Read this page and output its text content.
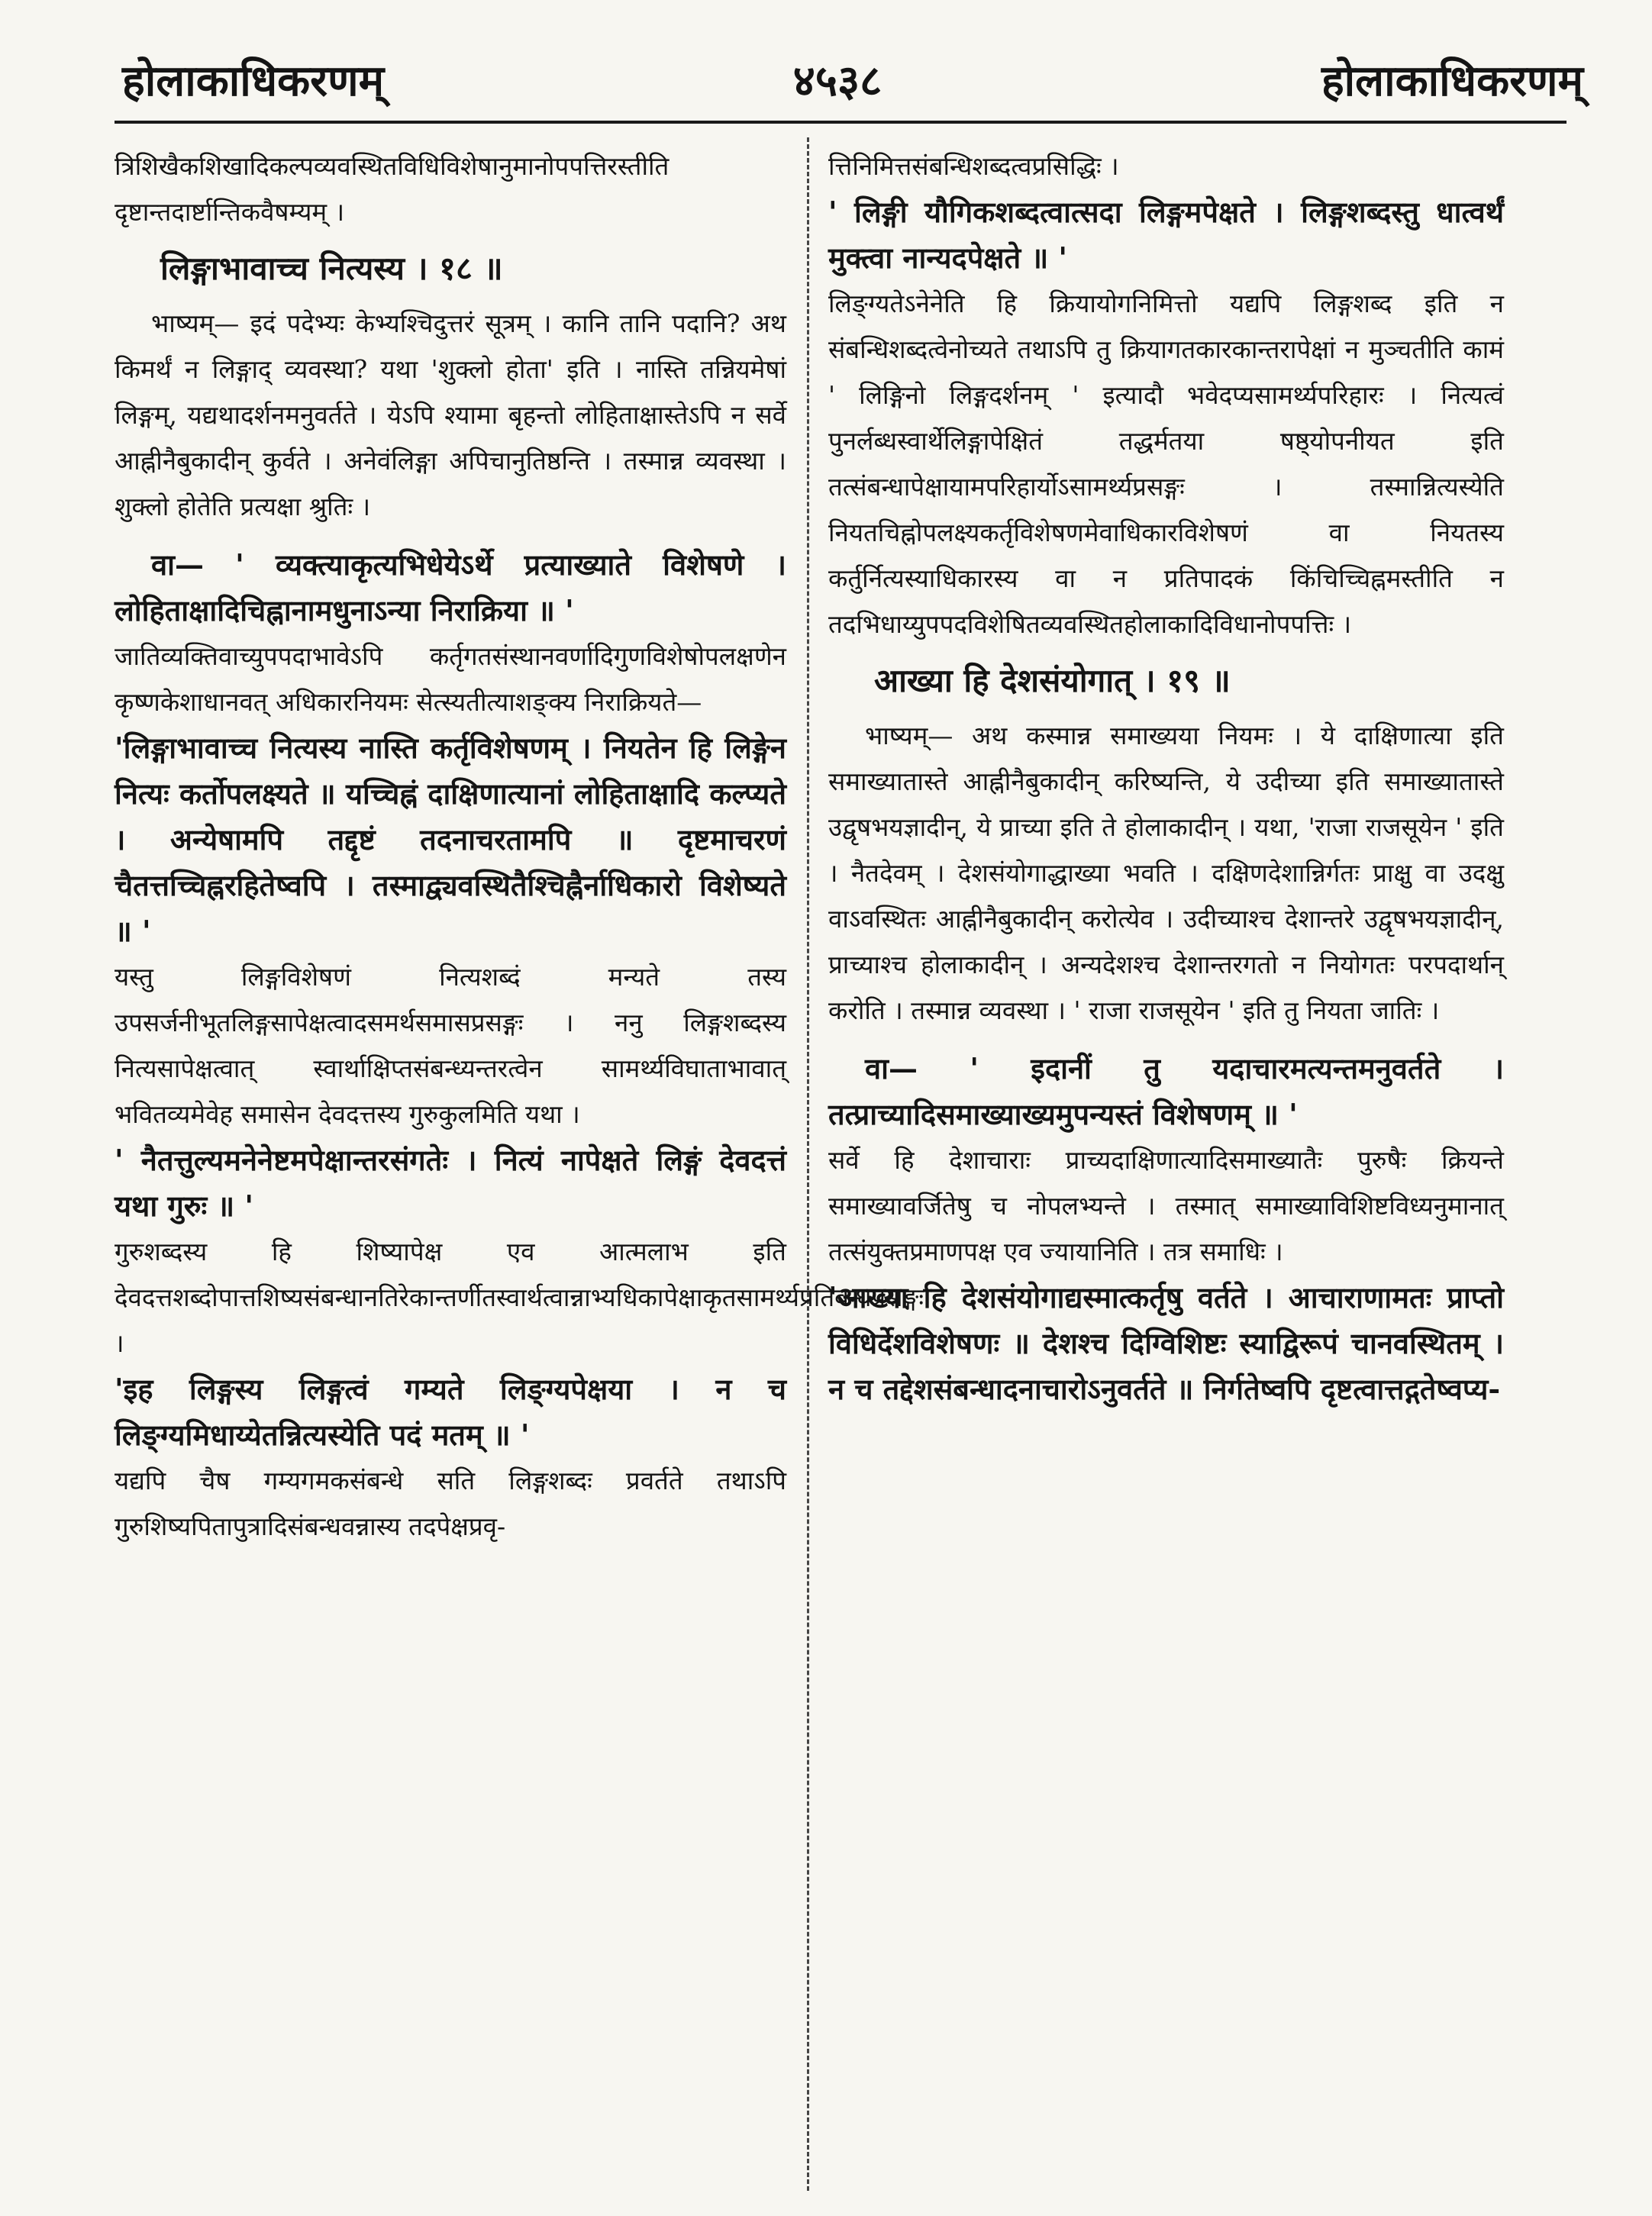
होलाकाधिकरणम्	४५३८	होलाकाधिकरणम्

त्रिशिखैकशिखादिकल्पव्यवस्थितविधिविशेषानुमानोपपत्तिरस्तीति दृष्टान्तदार्ष्टान्तिकवैषम्यम् ।

लिङ्गाभावाच्च नित्यस्य । १८ ॥

भाष्यम्— इदं पदेभ्यः केभ्यश्चिदुत्तरं सूत्रम् । कानि तानि पदानि? अथ किमर्थं न लिङ्गाद् व्यवस्था? यथा 'शुक्लो होता' इति । नास्ति तन्नियमेषां लिङ्गम्, यद्यथादर्शनमनुवर्तते । येऽपि श्यामा बृहन्तो लोहिताक्षास्तेऽपि न सर्वे आह्नीनैबुकादीन् कुर्वते । अनेवंलिङ्गा अपिचानुतिष्ठन्ति । तस्मान्न व्यवस्था । शुक्लो होतेति प्रत्यक्षा श्रुतिः ।

वा— ' व्यक्त्याकृत्यभिधेयेऽर्थे प्रत्याख्याते विशेषणे । लोहिताक्षादिचिह्नानामधुनाऽन्या निराक्रिया ॥ '

जातिव्यक्तिवाच्युपपदाभावेऽपि कर्तृगतसंस्थानवर्णादिगुणविशेषोपलक्षणेन कृष्णकेशाधानवत् अधिकारनियमः सेत्स्यतीत्याशङ्क्य निराक्रियते—

'लिङ्गाभावाच्च नित्यस्य नास्ति कर्तृविशेषणम् । नियतेन हि लिङ्गेन नित्यः कर्तोपलक्ष्यते ॥ यच्चिह्नं दाक्षिणात्यानां लोहिताक्षादि कल्प्यते । अन्येषामपि तद्दृष्टं तदनाचरतामपि ॥ दृष्टमाचरणं चैतत्तच्चिह्नरहितेष्वपि । तस्माद्व्यवस्थितैश्चिह्नैर्नाधिकारो विशेष्यते ॥ '

यस्तु लिङ्गविशेषणं नित्यशब्दं मन्यते तस्य उपसर्जनीभूतलिङ्गसापेक्षत्वादसमर्थसमासप्रसङ्गः । ननु लिङ्गशब्दस्य नित्यसापेक्षत्वात् स्वार्थाक्षिप्तसंबन्ध्यन्तरत्वेन सामर्थ्यविघाताभावात् भवितव्यमेवेह समासेन देवदत्तस्य गुरुकुलमिति यथा ।

' नैतत्तुल्यमनेनेष्टमपेक्षान्तरसंगतेः । नित्यं नापेक्षते लिङ्गं देवदत्तं यथा गुरुः ॥ '

गुरुशब्दस्य हि शिष्यापेक्ष एव आत्मलाभ इति देवदत्तशब्दोपात्तशिष्यसंबन्धानतिरेकान्तर्णीतस्वार्थत्वान्नाभ्यधिकापेक्षाकृतसामर्थ्यप्रतिबन्धप्रसङ्गः ।

'इह लिङ्गस्य लिङ्गत्वं गम्यते लिङ्ग्यपेक्षया । न च लिङ्ग्यमिधाय्येतन्नित्यस्येति पदं मतम् ॥ '

यद्यपि चैष गम्यगमकसंबन्धे सति लिङ्गशब्दः प्रवर्तते तथाऽपि गुरुशिष्यपितापुत्रादिसंबन्धवन्नास्य तदपेक्षप्रवृ-

त्तिनिमित्तसंबन्धिशब्दत्वप्रसिद्धिः ।

' लिङ्गी यौगिकशब्दत्वात्सदा लिङ्गमपेक्षते । लिङ्गशब्दस्तु धात्वर्थं मुक्त्वा नान्यदपेक्षते ॥ '

लिङ्ग्यतेऽनेनेति हि क्रियायोगनिमित्तो यद्यपि लिङ्गशब्द इति न संबन्धिशब्दत्वेनोच्यते तथाऽपि तु क्रियागतकारकान्तरापेक्षां न मुञ्चतीति कामं ' लिङ्गिनो लिङ्गदर्शनम् ' इत्यादौ भवेदप्यसामर्थ्यपरिहारः । नित्यत्वं पुनर्लब्धस्वार्थेलिङ्गापेक्षितं तद्धर्मतया षष्ठ्योपनीयत इति तत्संबन्धापेक्षायामपरिहार्योऽसामर्थ्यप्रसङ्गः । तस्मान्नित्यस्येति नियतचिह्नोपलक्ष्यकर्तृविशेषणमेवाधिकारविशेषणं वा नियतस्य कर्तुर्नित्यस्याधिकारस्य वा न प्रतिपादकं किंचिच्चिह्नमस्तीति न तदभिधाय्युपपदविशेषितव्यवस्थितहोलाकादिविधानोपपत्तिः ।

आख्या हि देशसंयोगात् । १९ ॥

भाष्यम्— अथ कस्मान्न समाख्यया नियमः । ये दाक्षिणात्या इति समाख्यातास्ते आह्नीनैबुकादीन् करिष्यन्ति, ये उदीच्या इति समाख्यातास्ते उद्वृषभयज्ञादीन्, ये प्राच्या इति ते होलाकादीन् । यथा, 'राजा राजसूयेन ' इति । नैतदेवम् । देशसंयोगाद्धाख्या भवति । दक्षिणदेशान्निर्गतः प्राक्षु वा उदक्षु वाऽवस्थितः आह्नीनैबुकादीन् करोत्येव । उदीच्याश्च देशान्तरे उद्वृषभयज्ञादीन्, प्राच्याश्च होलाकादीन् । अन्यदेशश्च देशान्तरगतो न नियोगतः परपदार्थान् करोति । तस्मान्न व्यवस्था । ' राजा राजसूयेन ' इति तु नियता जातिः ।

वा— ' इदानीं तु यदाचारमत्यन्तमनुवर्तते । तत्प्राच्यादिसमाख्याख्यमुपन्यस्तं विशेषणम् ॥ '

सर्वे हि देशाचाराः प्राच्यदाक्षिणात्यादिसमाख्यातैः पुरुषैः क्रियन्ते समाख्यावर्जितेषु च नोपलभ्यन्ते । तस्मात् समाख्याविशिष्टविध्यनुमानात् तत्संयुक्तप्रमाणपक्ष एव ज्यायानिति । तत्र समाधिः ।

'आख्या हि देशसंयोगाद्यस्मात्कर्तृषु वर्तते । आचाराणामतः प्राप्तो विधिर्देशविशेषणः ॥ देशश्च दिग्विशिष्टः स्याद्विरूपं चानवस्थितम् । न च तद्देशसंबन्धादनाचारोऽनुवर्तते ॥ निर्गतेष्वपि दृष्टत्वात्तद्गतेष्वप्य-
